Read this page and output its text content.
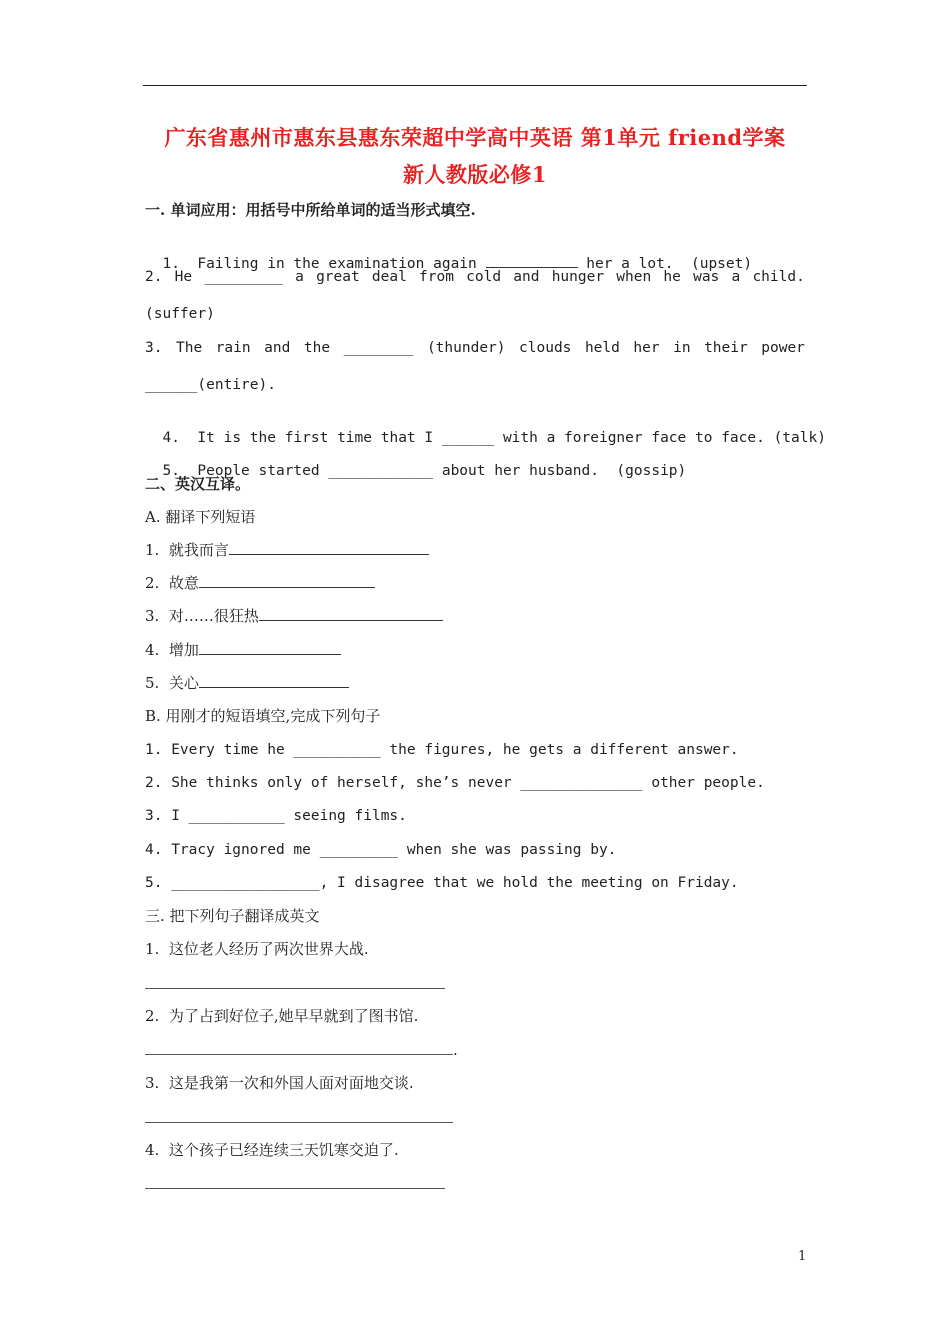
广东省惠州市惠东县惠东荣超中学高中英语 第1单元 friend学案
新人教版必修1
一. 单词应用：用括号中所给单词的适当形式填空.

1. Failing in the examination again	her a lot.  (upset)

2. He _________ a great deal from cold and hunger when he was a child.
(suffer)
3. The rain and the ________ (thunder) clouds held her in their power
______(entire).

4. It is the first time that I ______ with a foreigner face to face. (talk)

5. People started ____________ about her husband.  (gossip)

二、英汉互译。
A. 翻译下列短语
1.  就我而言
2.  故意
3.  对……很狂热
4.  增加
5.  关心
B. 用刚才的短语填空,完成下列句子
1. Every time he __________ the figures, he gets a different answer.
2. She thinks only of herself, she’s never ______________ other people.
3. I ___________ seeing films.
4. Tracy ignored me _________ when she was passing by.
5. _________________, I disagree that we hold the meeting on Friday.
三. 把下列句子翻译成英文
1.  这位老人经历了两次世界大战.
2.  为了占到好位子,她早早就到了图书馆.
.
3.  这是我第一次和外国人面对面地交谈.
4.  这个孩子已经连续三天饥寒交迫了.
1
